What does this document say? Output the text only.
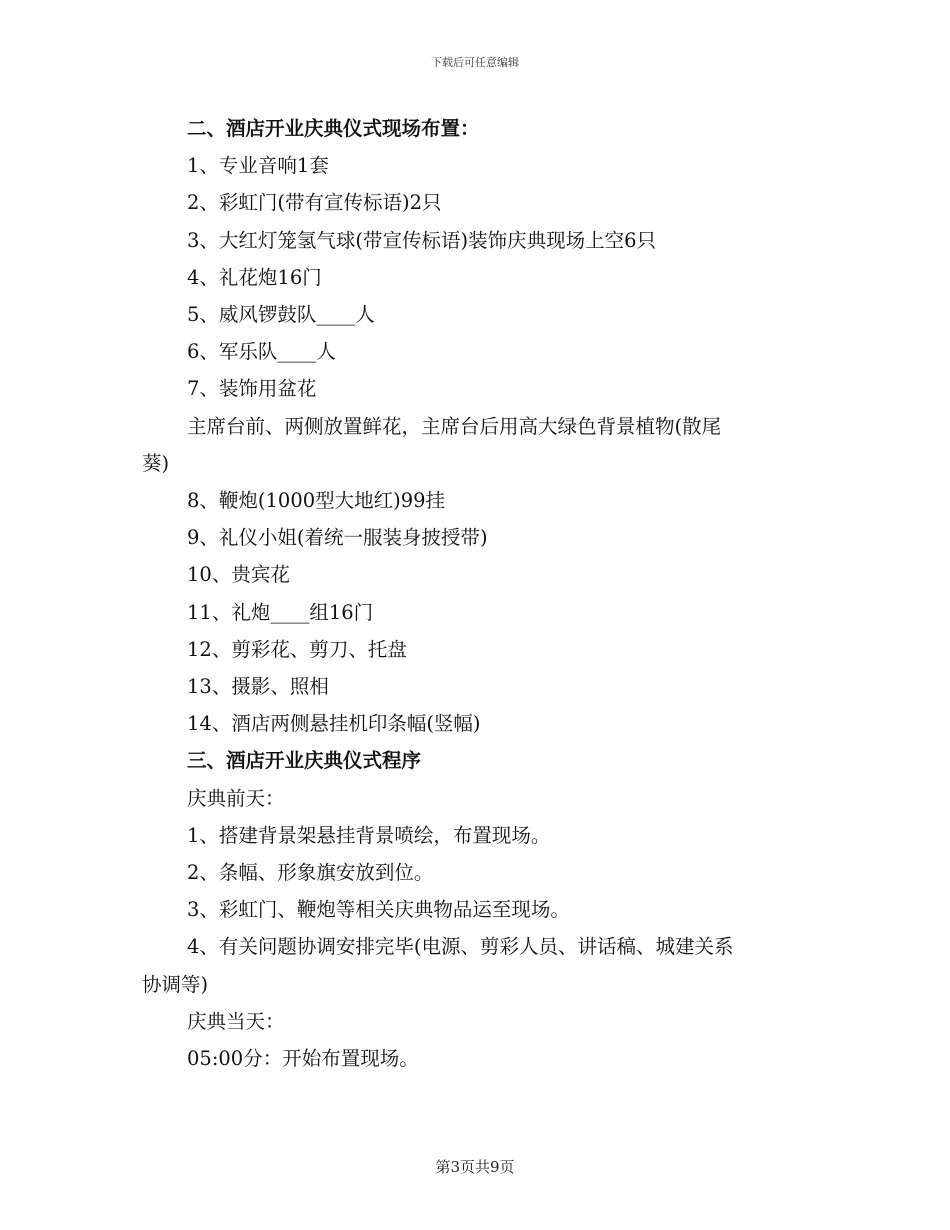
下载后可任意编辑
二、酒店开业庆典仪式现场布置：
1、专业音响1套
2、彩虹门(带有宣传标语)2只
3、大红灯笼氢气球(带宣传标语)装饰庆典现场上空6只
4、礼花炮16门
5、威风锣鼓队____人
6、军乐队____人
7、装饰用盆花
主席台前、两侧放置鲜花，主席台后用高大绿色背景植物(散尾
葵)
8、鞭炮(1000型大地红)99挂
9、礼仪小姐(着统一服装身披授带)
10、贵宾花
11、礼炮____组16门
12、剪彩花、剪刀、托盘
13、摄影、照相
14、酒店两侧悬挂机印条幅(竖幅)
三、酒店开业庆典仪式程序
庆典前天：
1、搭建背景架悬挂背景喷绘，布置现场。
2、条幅、形象旗安放到位。
3、彩虹门、鞭炮等相关庆典物品运至现场。
4、有关问题协调安排完毕(电源、剪彩人员、讲话稿、城建关系
协调等)
庆典当天：
05:00分：开始布置现场。
第3页共9页
